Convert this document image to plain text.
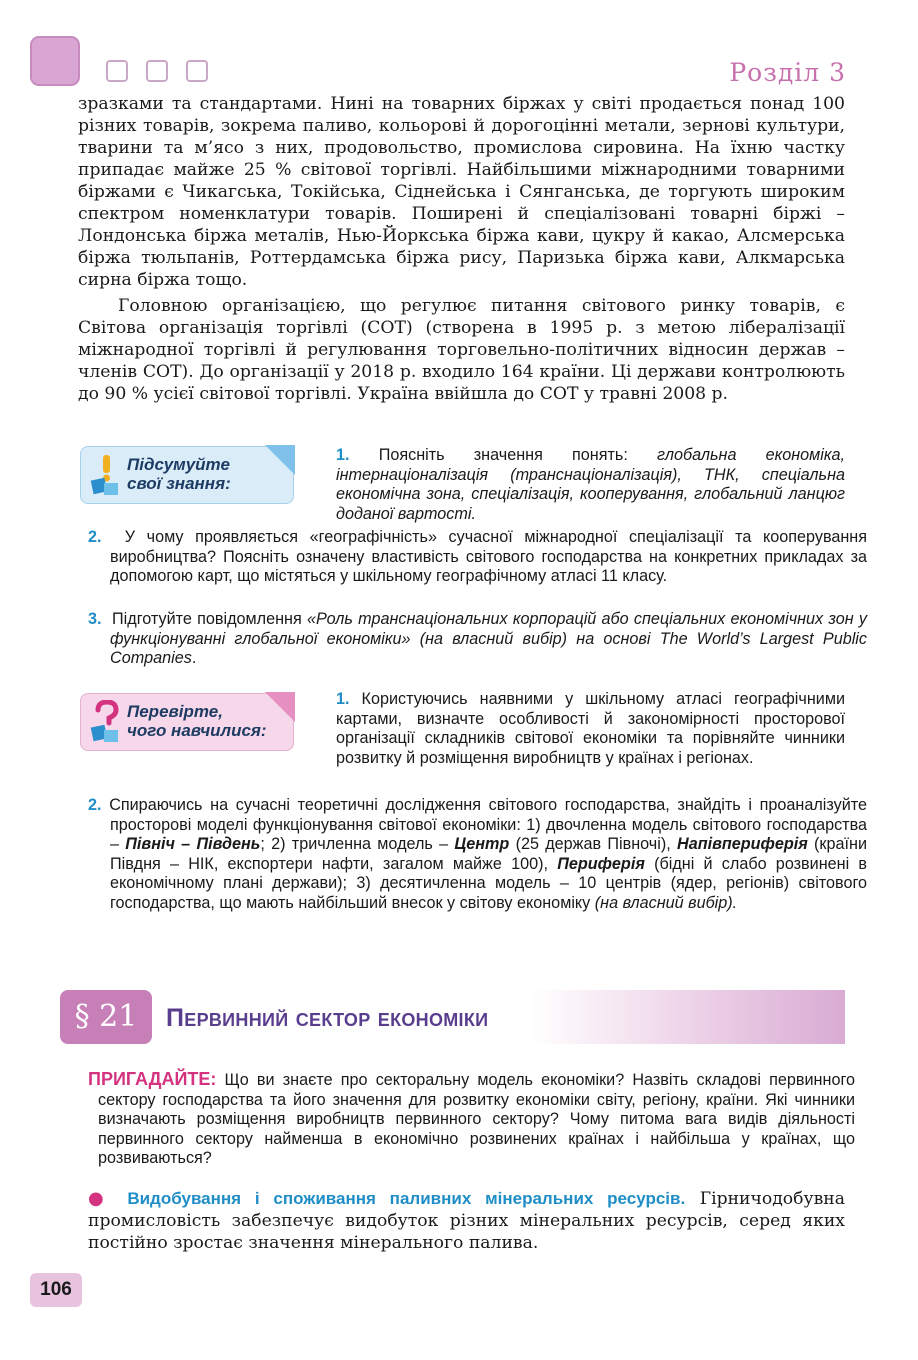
Розділ 3

зразками та стандартами. Нині на товарних біржах у світі продається понад 100 різних товарів, зокрема паливо, кольорові й дорогоцінні метали, зернові культури, тварини та м’ясо з них, продовольство, промислова сировина. На їхню частку припадає майже 25 % світової торгівлі. Найбільшими міжнародними товарними біржами є Чикагська, Токійська, Сіднейська і Сянганська, де торгують широким спектром номенклатури товарів. Поширені й спеціалізовані товарні біржі – Лондонська біржа металів, Нью-Йоркська біржа кави, цукру й какао, Алсмерська біржа тюльпанів, Роттердамська біржа рису, Паризька біржа кави, Алкмарська сирна біржа тощо.

Головною організацією, що регулює питання світового ринку товарів, є Світова організація торгівлі (СОТ) (створена в 1995 р. з метою лібералізації міжнародної торгівлі й регулювання торговельно-політичних відносин держав – членів СОТ). До організації у 2018 р. входило 164 країни. Ці держави контролюють до 90 % усієї світової торгівлі. Україна ввійшла до СОТ у травні 2008 р.

Підсумуйте
свої знання:

1. Поясніть значення понять: глобальна економіка, інтернаціоналізація (транснаціоналізація), ТНК, спеціальна економічна зона, спеціалізація, кооперування, глобальний ланцюг доданої вартості.

2. У чому проявляється «географічність» сучасної міжнародної спеціалізації та кооперування виробництва? Поясніть означену властивість світового господарства на конкретних прикладах за допомогою карт, що містяться у шкільному географічному атласі 11 класу.

3. Підготуйте повідомлення «Роль транснаціональних корпорацій або спеціальних економічних зон у функціонуванні глобальної економіки» (на власний вибір) на основі The World’s Largest Public Companies.

Перевірте,
чого навчилися:

1. Користуючись наявними у шкільному атласі географічними картами, визначте особливості й закономірності просторової організації складників світової економіки та порівняйте чинники розвитку й розміщення виробництв у країнах і регіонах.

2. Спираючись на сучасні теоретичні дослідження світового господарства, знайдіть і проаналізуйте просторові моделі функціонування світової економіки: 1) двочленна модель світового господарства – Північ – Південь; 2) тричленна модель – Центр (25 держав Півночі), Напівпериферія (країни Півдня – НІК, експортери нафти, загалом майже 100), Периферія (бідні й слабо розвинені в економічному плані держави); 3) десятичленна модель – 10 центрів (ядер, регіонів) світового господарства, що мають найбільший внесок у світову економіку (на власний вибір).

§ 21	Первинний сектор економіки

ПРИГАДАЙТЕ: Що ви знаєте про секторальну модель економіки? Назвіть складові первинного сектору господарства та його значення для розвитку економіки світу, регіону, країни. Які чинники визначають розміщення виробництв первинного сектору? Чому питома вага видів діяльності первинного сектору найменша в економічно розвинених країнах і найбільша у країнах, що розвиваються?

● Видобування і споживання паливних мінеральних ресурсів. Гірничодобувна промисловість забезпечує видобуток різних мінеральних ресурсів, серед яких постійно зростає значення мінерального палива.

106
